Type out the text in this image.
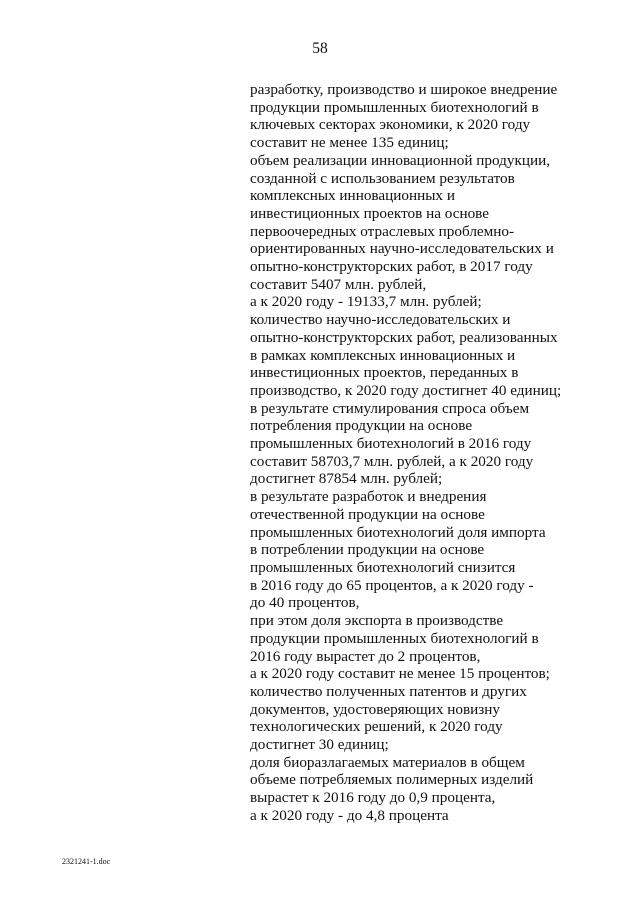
58
разработку, производство и широкое внедрение
продукции промышленных биотехнологий в
ключевых секторах экономики, к 2020 году
составит не менее 135 единиц;
объем реализации инновационной продукции,
созданной с использованием результатов
комплексных инновационных и
инвестиционных проектов на основе
первоочередных отраслевых проблемно-
ориентированных научно-исследовательских и
опытно-конструкторских работ, в 2017 году
составит 5407 млн. рублей,
а к 2020 году - 19133,7 млн. рублей;
количество научно-исследовательских и
опытно-конструкторских работ, реализованных
в рамках комплексных инновационных и
инвестиционных проектов, переданных в
производство, к 2020 году достигнет 40 единиц;
в результате стимулирования спроса объем
потребления продукции на основе
промышленных биотехнологий в 2016 году
составит 58703,7 млн. рублей, а к 2020 году
достигнет 87854 млн. рублей;
в результате разработок и внедрения
отечественной продукции на основе
промышленных биотехнологий доля импорта
в потреблении продукции на основе
промышленных биотехнологий снизится
в 2016 году до 65 процентов, а к 2020 году -
до 40 процентов,
при этом доля экспорта в производстве
продукции промышленных биотехнологий в
2016 году вырастет до 2 процентов,
а к 2020 году составит не менее 15 процентов;
количество полученных патентов и других
документов, удостоверяющих новизну
технологических решений, к 2020 году
достигнет 30 единиц;
доля биоразлагаемых материалов в общем
объеме потребляемых полимерных изделий
вырастет к 2016 году до 0,9 процента,
а к 2020 году - до 4,8 процента
2321241-1.doc
